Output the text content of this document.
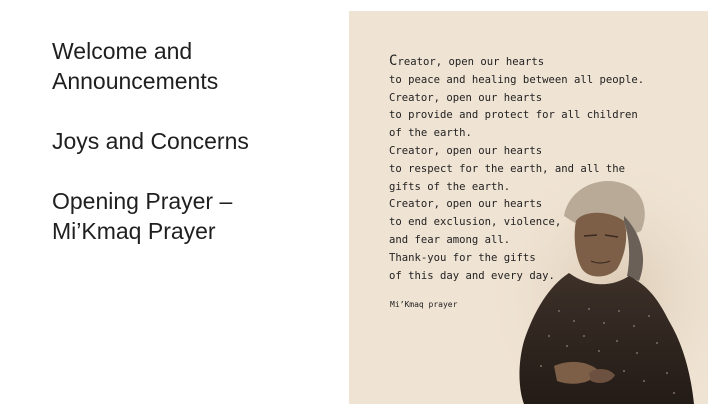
Welcome and
Announcements
Joys and Concerns
Opening Prayer –
Mi’Kmaq Prayer
Creator, open our hearts
to peace and healing between all people.
Creator, open our hearts
to provide and protect for all children
of the earth.
Creator, open our hearts
to respect for the earth, and all the
gifts of the earth.
Creator, open our hearts
to end exclusion, violence,
and fear among all.
Thank-you for the gifts
of this day and every day.
Mi’Kmaq prayer
